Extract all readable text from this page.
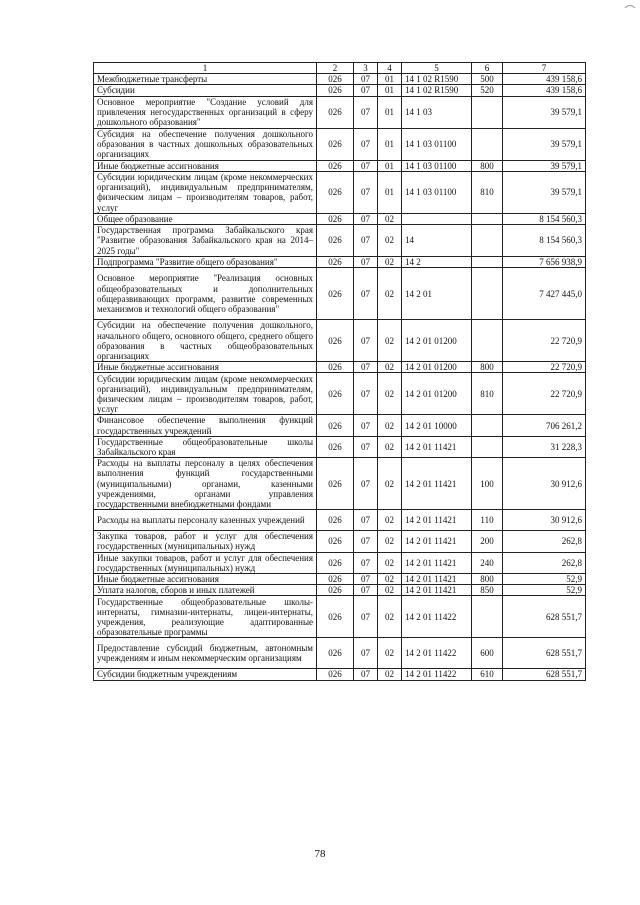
1	2	3	4	5	6	7
Межбюджетные трансферты	026	07	01	14 1 02 R1590	500	439 158,6
Субсидии	026	07	01	14 1 02 R1590	520	439 158,6
Основное мероприятие "Создание условий для привлечения негосударственных организаций в сферу дошкольного образования"	026	07	01	14 1 03		39 579,1
Субсидия на обеспечение получения дошкольного образования в частных дошкольных образовательных организациях	026	07	01	14 1 03 01100		39 579,1
Иные бюджетные ассигнования	026	07	01	14 1 03 01100	800	39 579,1
Субсидии юридическим лицам (кроме некоммерческих организаций), индивидуальным предпринимателям, физическим лицам – производителям товаров, работ, услуг	026	07	01	14 1 03 01100	810	39 579,1
Общее образование	026	07	02			8 154 560,3
Государственная программа Забайкальского края "Развитие образования Забайкальского края на 2014–2025 годы"	026	07	02	14		8 154 560,3
Подпрограмма "Развитие общего образования"	026	07	02	14 2		7 656 938,9
Основное мероприятие "Реализация основных общеобразовательных и дополнительных общеразвивающих программ, развитие современных механизмов и технологий общего образования"	026	07	02	14 2 01		7 427 445,0
Субсидии на обеспечение получения дошкольного, начального общего, основного общего, среднего общего образования в частных общеобразовательных организациях	026	07	02	14 2 01 01200		22 720,9
Иные бюджетные ассигнования	026	07	02	14 2 01 01200	800	22 720,9
Субсидии юридическим лицам (кроме некоммерческих организаций), индивидуальным предпринимателям, физическим лицам – производителям товаров, работ, услуг	026	07	02	14 2 01 01200	810	22 720,9
Финансовое обеспечение выполнения функций государственных учреждений	026	07	02	14 2 01 10000		706 261,2
Государственные общеобразовательные школы Забайкальского края	026	07	02	14 2 01 11421		31 228,3
Расходы на выплаты персоналу в целях обеспечения выполнения функций государственными (муниципальными) органами, казенными учреждениями, органами управления государственными внебюджетными фондами	026	07	02	14 2 01 11421	100	30 912,6
Расходы на выплаты персоналу казенных учреждений	026	07	02	14 2 01 11421	110	30 912,6
Закупка товаров, работ и услуг для обеспечения государственных (муниципальных) нужд	026	07	02	14 2 01 11421	200	262,8
Иные закупки товаров, работ и услуг для обеспечения государственных (муниципальных) нужд	026	07	02	14 2 01 11421	240	262,8
Иные бюджетные ассигнования	026	07	02	14 2 01 11421	800	52,9
Уплата налогов, сборов и иных платежей	026	07	02	14 2 01 11421	850	52,9
Государственные общеобразовательные школы-интернаты, гимназии-интернаты, лицеи-интернаты, учреждения, реализующие адаптированные образовательные программы	026	07	02	14 2 01 11422		628 551,7
Предоставление субсидий бюджетным, автономным учреждениям и иным некоммерческим организациям	026	07	02	14 2 01 11422	600	628 551,7
Субсидии бюджетным учреждениям	026	07	02	14 2 01 11422	610	628 551,7
78
